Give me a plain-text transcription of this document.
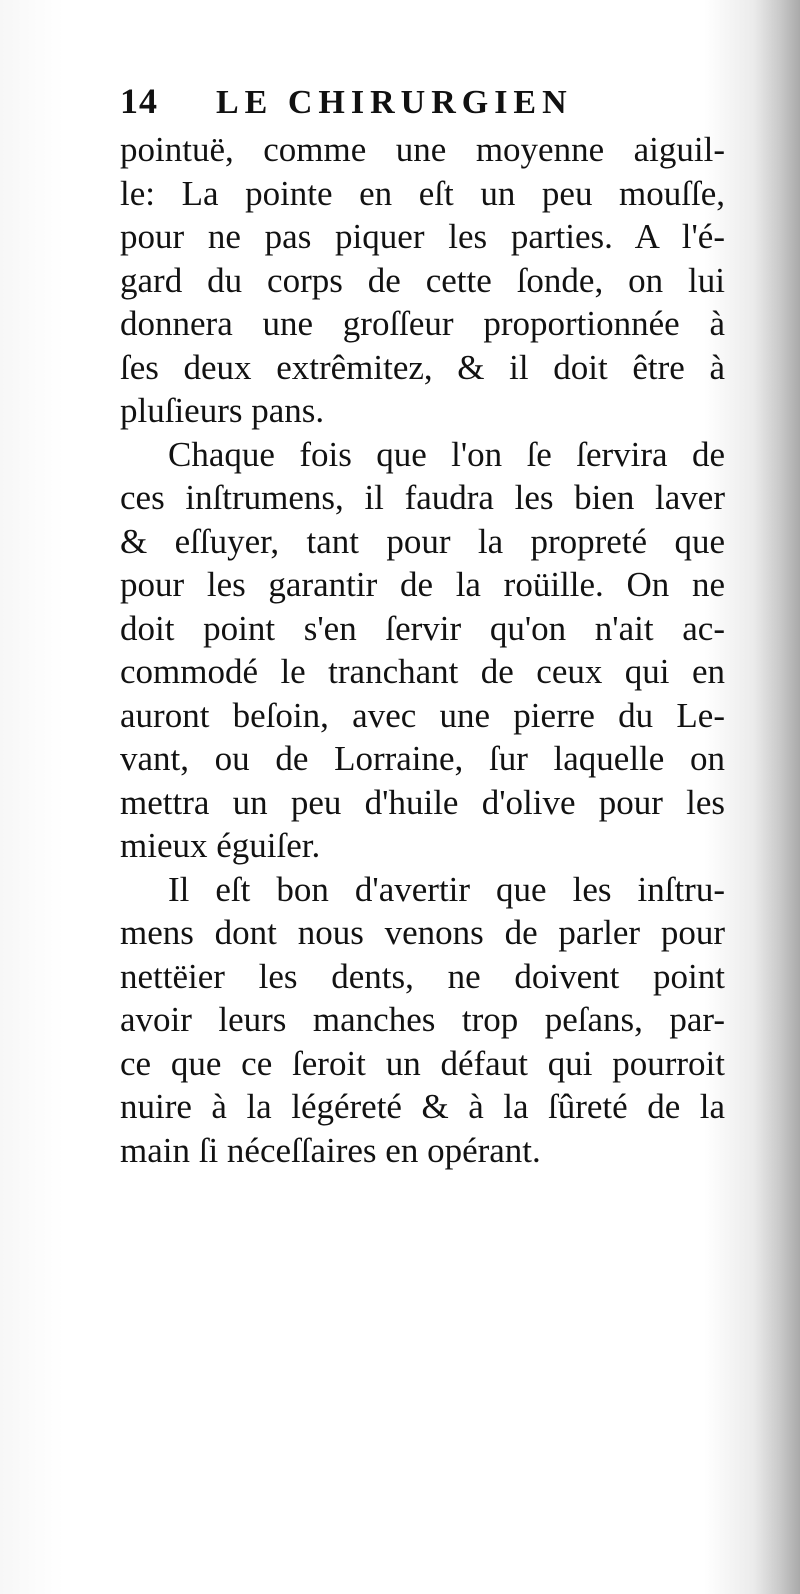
14	LE CHIRURGIEN
pointuë, comme une moyenne aiguil-
le: La pointe en eſt un peu mouſſe,
pour ne pas piquer les parties. A l'é-
gard du corps de cette ſonde, on lui
donnera une groſſeur proportionnée à
ſes deux extrêmitez, & il doit être à
pluſieurs pans.
Chaque fois que l'on ſe ſervira de
ces inſtrumens, il faudra les bien laver
& eſſuyer, tant pour la propreté que
pour les garantir de la roüille. On ne
doit point s'en ſervir qu'on n'ait ac-
commodé le tranchant de ceux qui en
auront beſoin, avec une pierre du Le-
vant, ou de Lorraine, ſur laquelle on
mettra un peu d'huile d'olive pour les
mieux éguiſer.
Il eſt bon d'avertir que les inſtru-
mens dont nous venons de parler pour
nettëier les dents, ne doivent point
avoir leurs manches trop peſans, par-
ce que ce ſeroit un défaut qui pourroit
nuire à la légéreté & à la ſûreté de la
main ſi néceſſaires en opérant.
